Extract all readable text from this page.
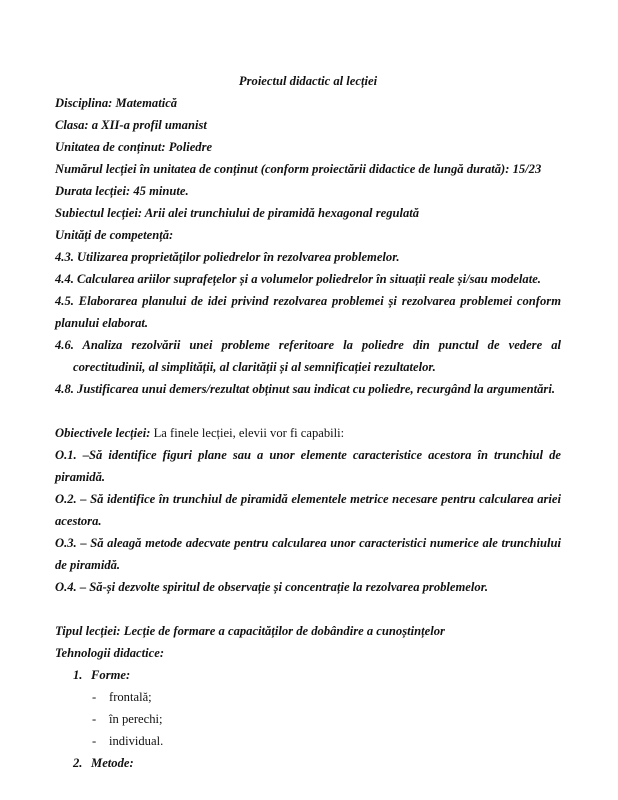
Proiectul didactic al lecției

Disciplina: Matematică

Clasa: a XII-a profil umanist

Unitatea de conținut: Poliedre

Numărul lecției în unitatea de conținut (conform proiectării didactice de lungă durată): 15/23

Durata lecției: 45 minute.

Subiectul lecției: Arii alei trunchiului de piramidă hexagonal regulată

Unități de competență:

4.3. Utilizarea proprietăților poliedrelor în rezolvarea problemelor.

4.4. Calcularea ariilor suprafețelor și a volumelor poliedrelor în situații reale și/sau modelate.

4.5. Elaborarea planului de idei privind rezolvarea problemei și rezolvarea problemei conform planului elaborat.

4.6. Analiza rezolvării unei probleme referitoare la poliedre din punctul de vedere al corectitudinii, al simplității, al clarității și al semnificației rezultatelor.

4.8. Justificarea unui demers/rezultat obținut sau indicat cu poliedre, recurgând la argumentări.

Obiectivele lecției: La finele lecției, elevii vor fi capabili:

O.1. –Să identifice figuri plane sau a unor elemente caracteristice acestora în trunchiul de piramidă.

O.2. – Să identifice în trunchiul de piramidă elementele metrice necesare pentru calcularea ariei acestora.

O.3. – Să aleagă metode adecvate pentru calcularea unor caracteristici numerice ale trunchiului de piramidă.

O.4. – Să-și dezvolte spiritul de observație și concentrație la rezolvarea problemelor.

Tipul lecției: Lecție de formare a capacităților de dobândire a cunoștințelor

Tehnologii didactice:

1. Forme:
-	frontală;
-	în perechi;
-	individual.
2. Metode:
